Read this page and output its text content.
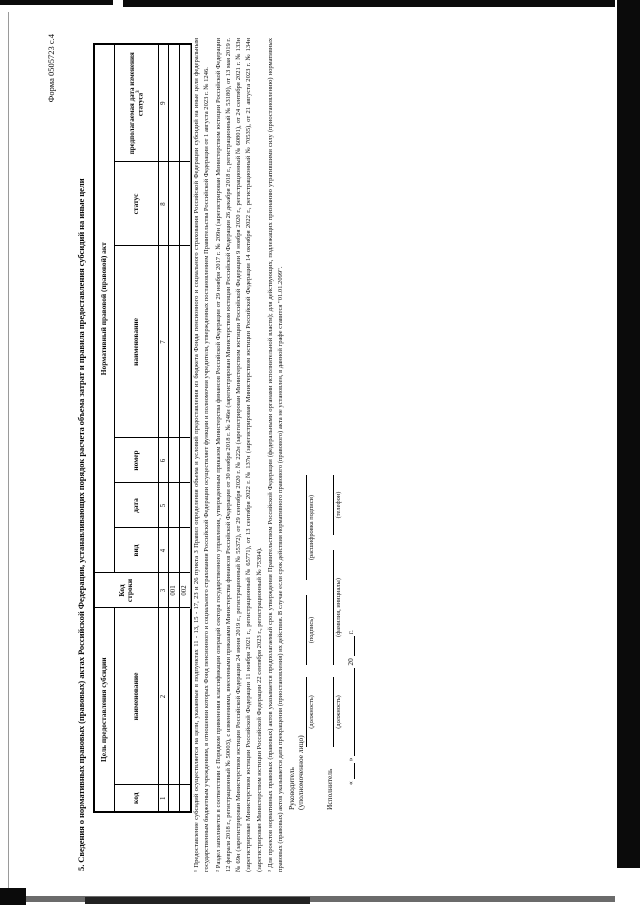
Форма 0505723 с.4
5. Сведения о нормативных правовых (правовых) актах Российской Федерации, устанавливающих порядок расчета объема затрат и правила предоставления субсидий на иные цели Цель предоставления субсидии		Код
строки	Нормативный правовой (правовой) акт					
код	наименование		вид	дата	номер	наименование	статус	предполагаемая дата изменения статуса$^3$
1	2	3	4	5	6	7	8	9
		001						
		002						¹ Предоставление субсидий осуществляется на цели, указанные в подпунктах 11 - 13, 15 - 17, 23 и 26 пункта 3 Правил определения объема и условий предоставления из бюджета Фонда пенсионного и социального страхования Российской Федерации субсидий на иные цели федеральным государственным бюджетным учреждениям, в отношении которых Фонд пенсионного и социального страхования Российской Федерации осуществляет функции и полномочия учредителя, утвержденных постановлением Правительства Российской Федерации от 1 августа 2023 г. № 1246. ² Раздел заполняется в соответствии с Порядком применения классификации операций сектора государственного управления, утвержденным приказом Министерства финансов Российской Федерации от 29 ноября 2017 г. № 209н (зарегистрирован Министерством юстиции Российской Федерации 12 февраля 2018 г., регистрационный № 50003), с изменениями, внесенными приказами Министерства финансов Российской Федерации от 30 ноября 2018 г. № 246н (зарегистрирован Министерством юстиции Российской Федерации 26 декабря 2018 г., регистрационный № 53180), от 13 мая 2019 г. № 69н (зарегистрирован Министерством юстиции Российской Федерации 24 июня 2019 г., регистрационный № 55372), от 29 сентября 2020 г. № 222н (зарегистрирован Министерством юстиции Российской Федерации 9 ноября 2020 г., регистрационный № 60801), от 24 сентября 2021 г. № 133н (зарегистрирован Министерством юстиции Российской Федерации 11 ноября 2021 г., регистрационный № 65771), от 13 сентября 2022 г. № 137н (зарегистрирован Министерством юстиции Российской Федерации 14 октября 2022 г., регистрационный № 70535), от 21 августа 2023 г. № 134н (зарегистрирован Министерством юстиции Российской Федерации 22 сентября 2023 г., регистрационный № 75394). ³ Для проектов нормативных правовых (правовых) актов указывается предполагаемый срок утверждения Правительством Российской Федерации (федеральными органами исполнительной власти); для действующих, подлежащих признанию утратившими силу (приостановлению) нормативных правовых (правовых) актов указывается дата прекращения (приостановления) их действия. В случае если срок действия нормативного правового (правового) акта не установлен, в данной графе ставится "01.01.2099". Руководитель (уполномоченное лицо)
(должность)
(подпись)
(расшифровка подписи)
Исполнитель
(должность)
(фамилия, инициалы)
(телефон)
«
»
20
г.
